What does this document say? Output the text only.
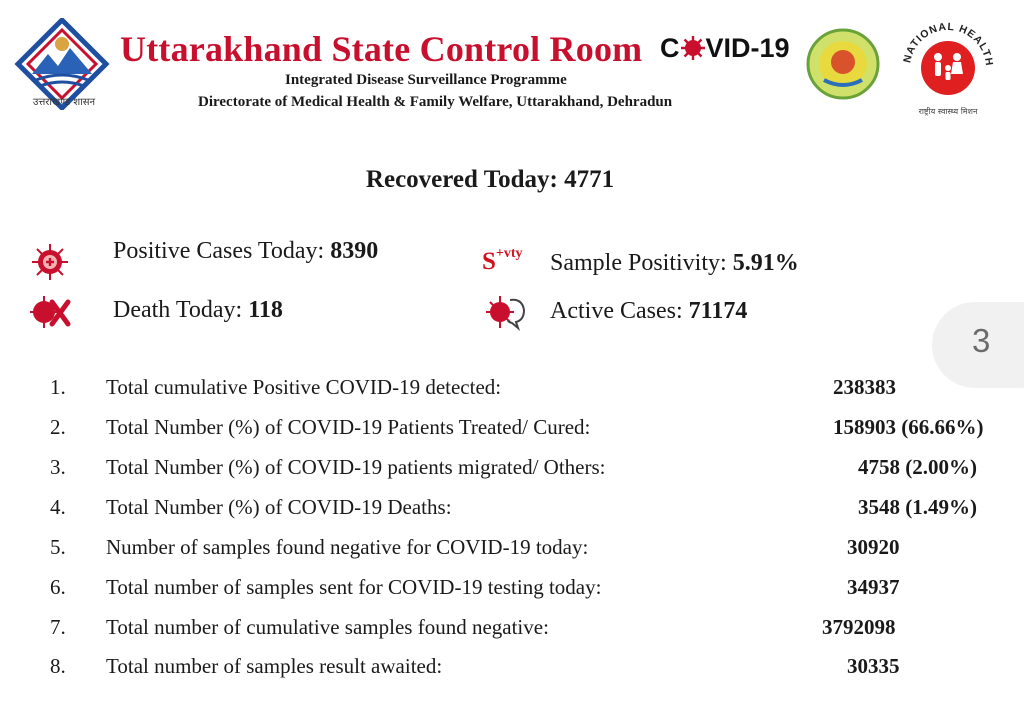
उत्तराखण्ड शासन
Uttarakhand State Control Room
Integrated Disease Surveillance Programme
Directorate of Medical Health & Family Welfare, Uttarakhand, Dehradun
C VID-19	NATIONAL HEALTH
राष्ट्रीय स्वास्थ्य मिशन
Recovered Today: 4771
S+vty
Positive Cases Today: 8390
Death Today: 118
Sample Positivity: 5.91%
Active Cases: 71174
3
1. Total cumulative Positive COVID-19 detected:	238383
2. Total Number (%) of COVID-19 Patients Treated/ Cured:	158903 (66.66%)
3. Total Number (%) of COVID-19 patients migrated/ Others:	4758 (2.00%)
4. Total Number (%) of COVID-19 Deaths:	3548 (1.49%)
5. Number of samples found negative for COVID-19 today:	30920
6. Total number of samples sent for COVID-19 testing today:	34937
7. Total number of cumulative samples found negative:	3792098
8. Total number of samples result awaited:	30335
